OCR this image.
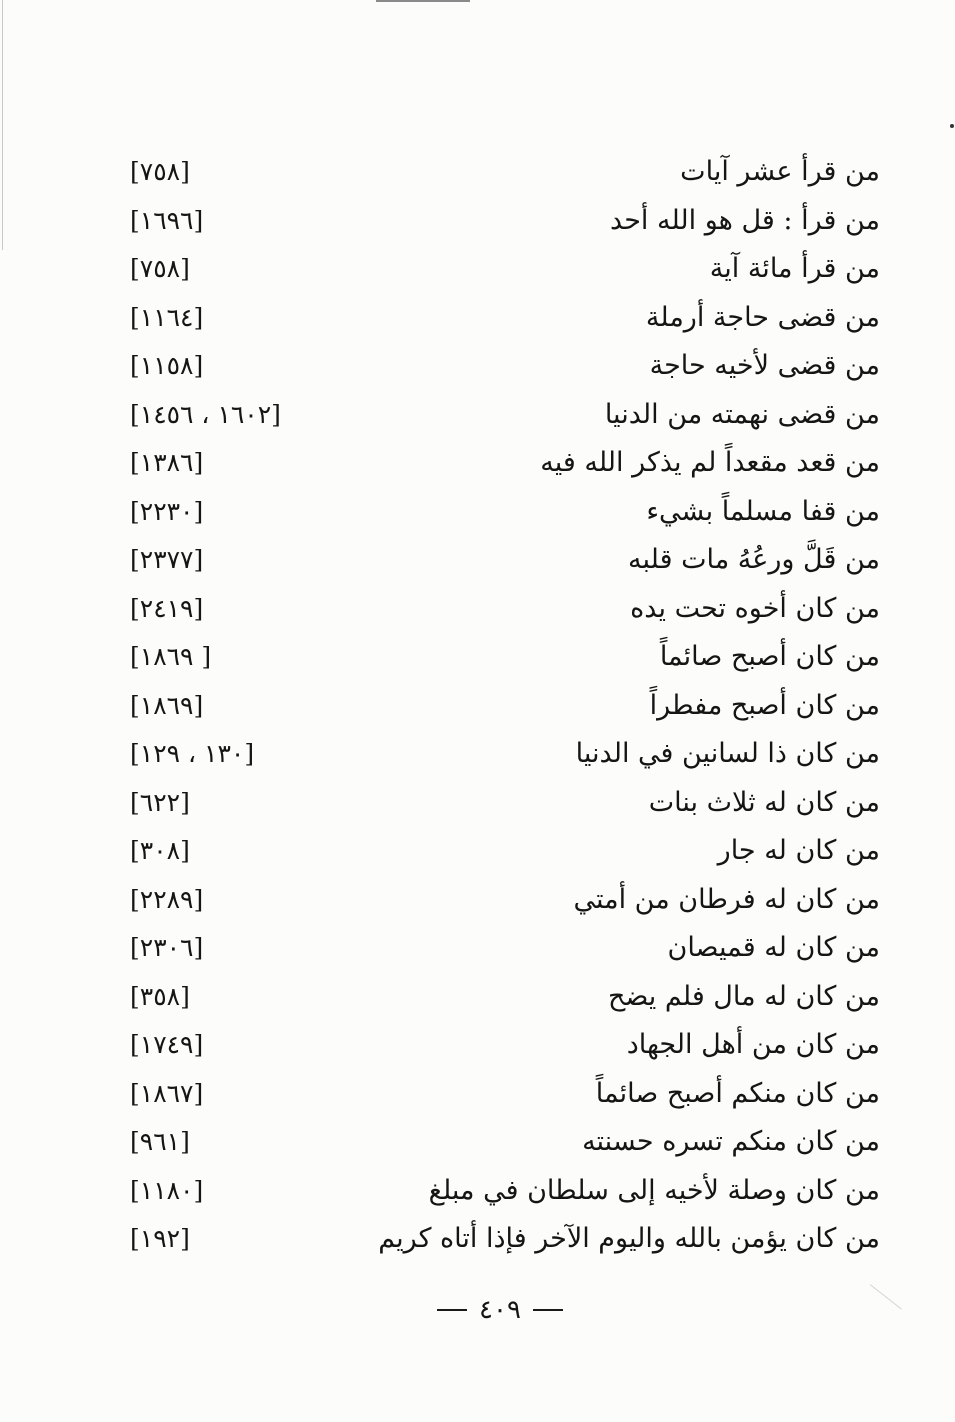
من قرأ عشر آيات
[٧٥٨]
من قرأ : قل هو الله أحد
[١٦٩٦]
من قرأ مائة آية
[٧٥٨]
من قضى حاجة أرملة
[١١٦٤]
من قضى لأخيه حاجة
[١١٥٨]
من قضى نهمته من الدنيا
[١٦٠٢ ، ١٤٥٦]
من قعد مقعداً لم يذكر الله فيه
[١٣٨٦]
من قفا مسلماً بشيء
[٢٢٣٠]
من قَلَّ ورعُهُ مات قلبه
[٢٣٧٧]
من كان أخوه تحت يده
[٢٤١٩]
من كان أصبح صائماً
[١٨٦٩ ]
من كان أصبح مفطراً
[١٨٦٩]
من كان ذا لسانين في الدنيا
[١٣٠ ، ١٢٩]
من كان له ثلاث بنات
[٦٢٢]
من كان له جار
[٣٠٨]
من كان له فرطان من أمتي
[٢٢٨٩]
من كان له قميصان
[٢٣٠٦]
من كان له مال فلم يضح
[٣٥٨]
من كان من أهل الجهاد
[١٧٤٩]
من كان منكم أصبح صائماً
[١٨٦٧]
من كان منكم تسره حسنته
[٩٦١]
من كان وصلة لأخيه إلى سلطان في مبلغ
[١١٨٠]
من كان يؤمن بالله واليوم الآخر فإذا أتاه كريم
[١٩٢]
٤٠٩
